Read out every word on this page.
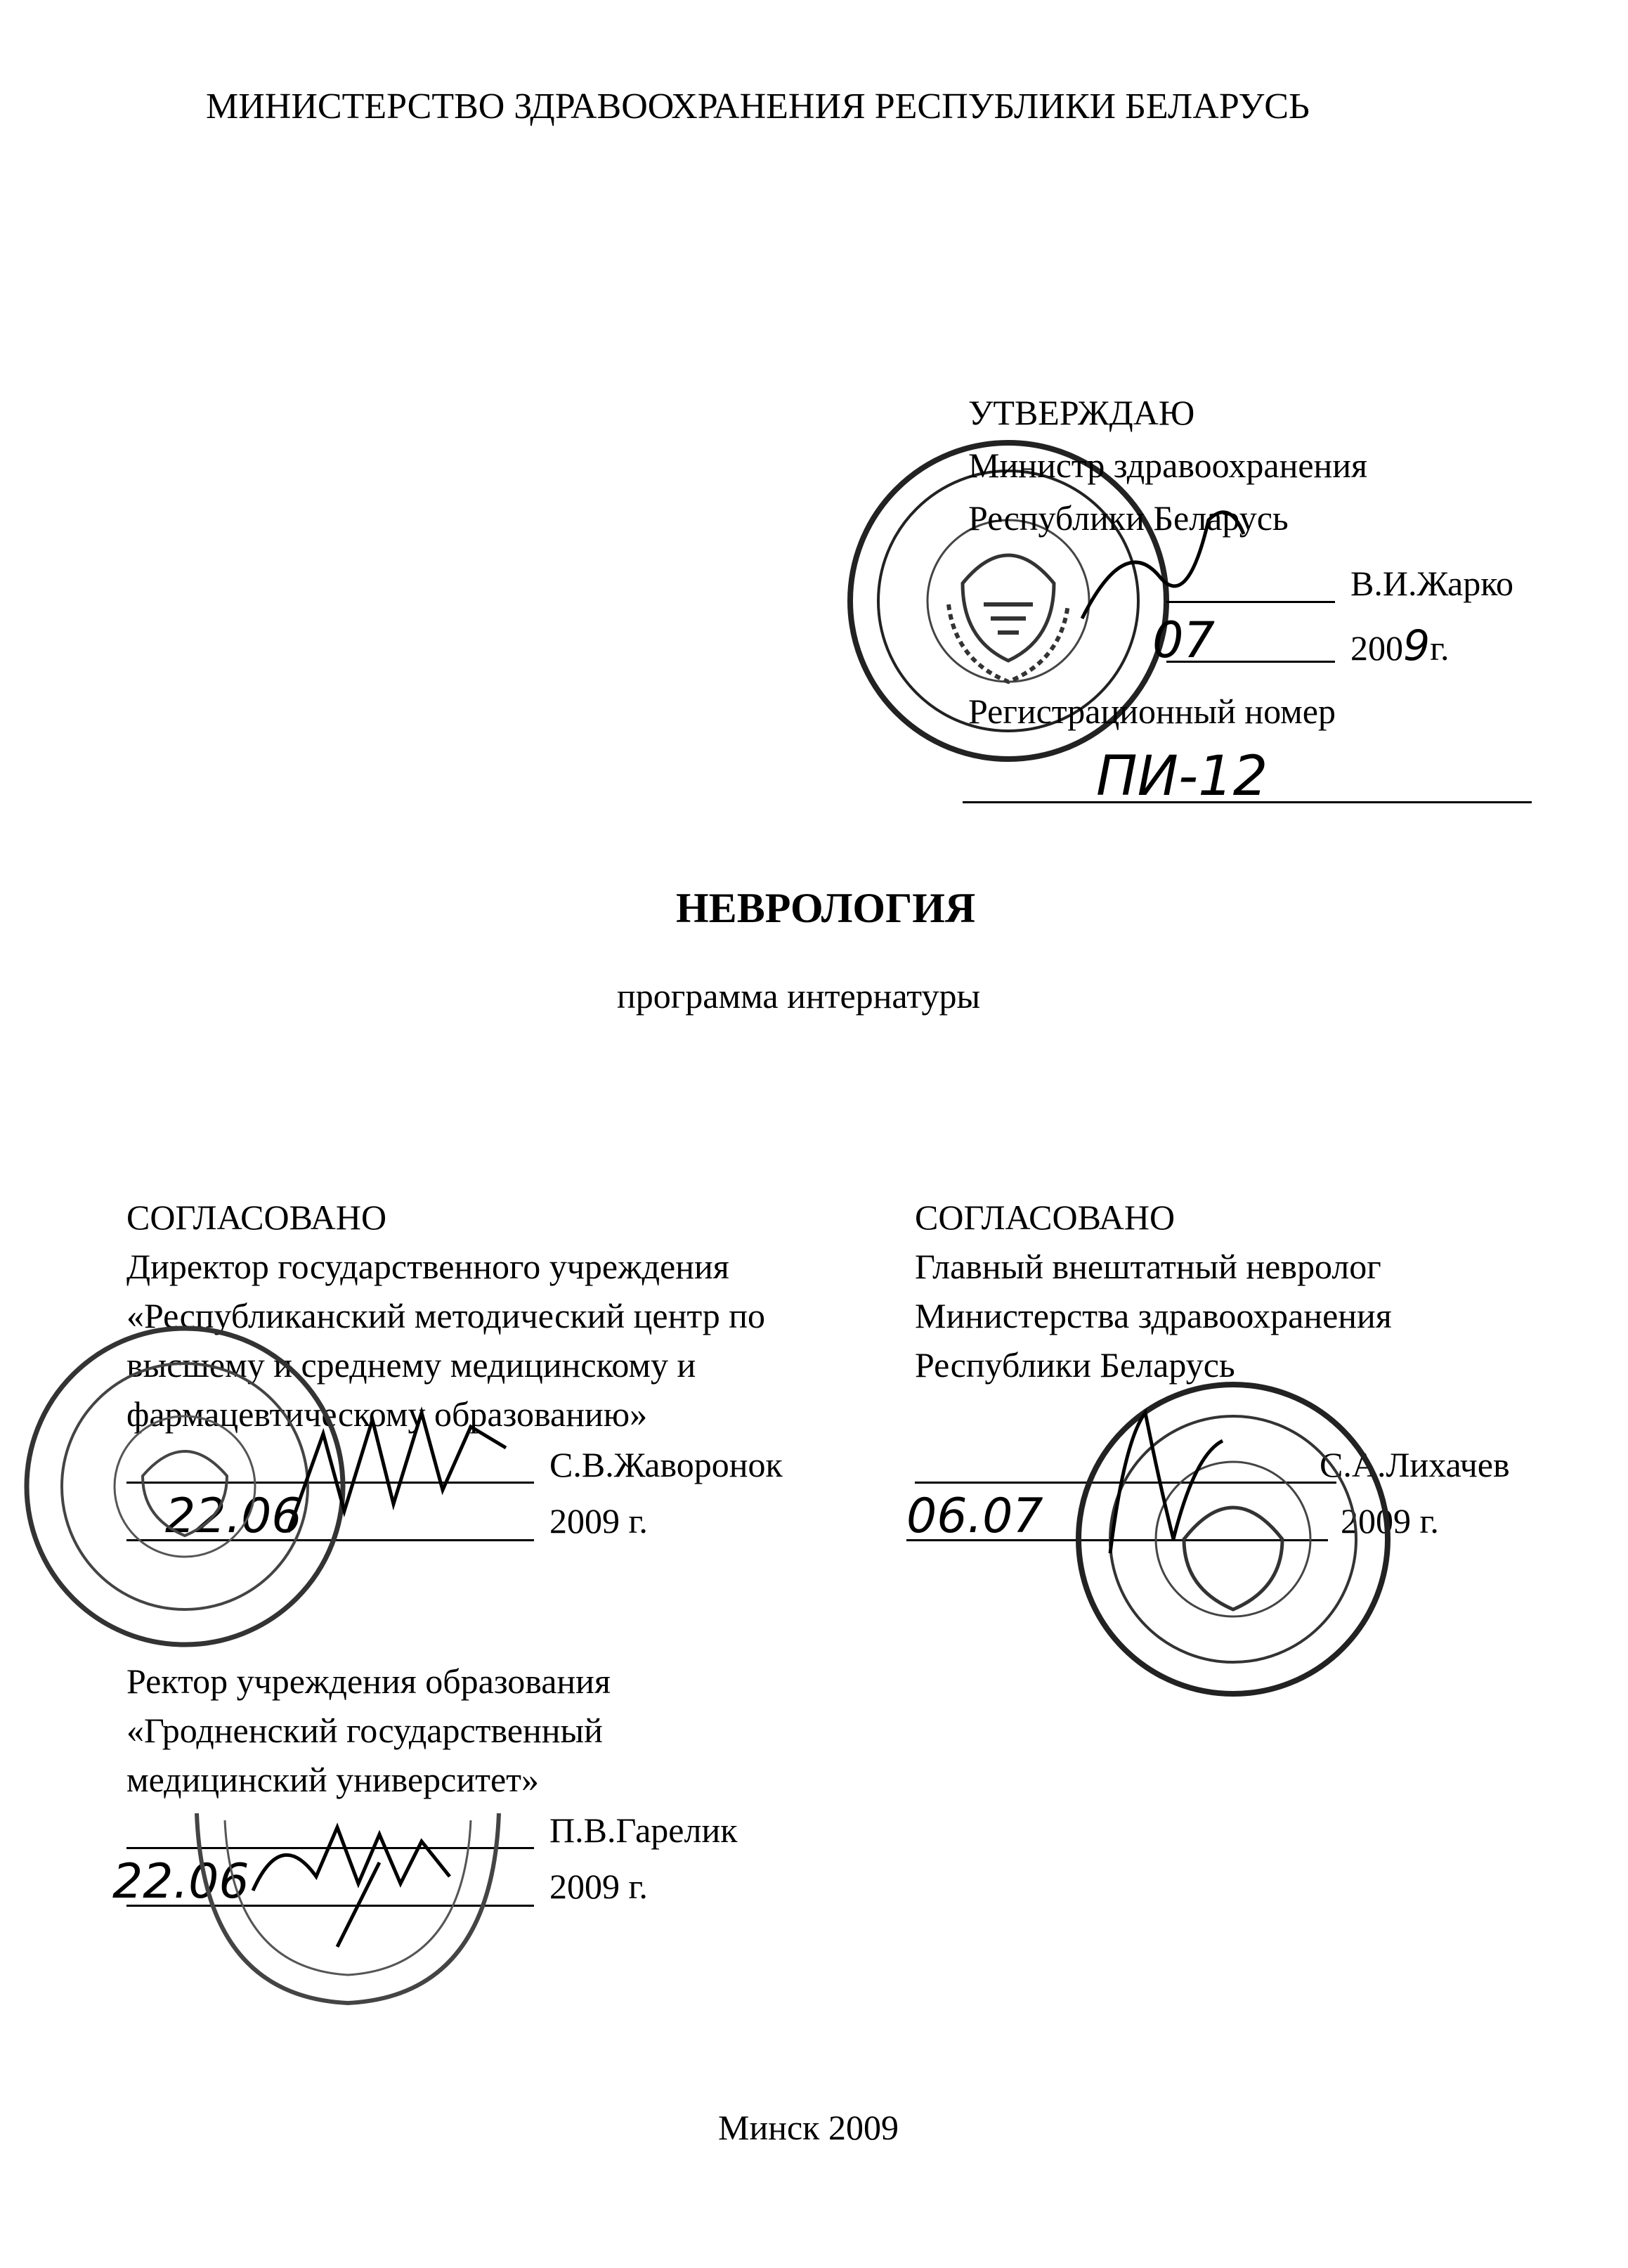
МИНИСТЕРСТВО ЗДРАВООХРАНЕНИЯ РЕСПУБЛИКИ БЕЛАРУСЬ
УТВЕРЖДАЮ
Министр здравоохранения
Республики Беларусь
В.И.Жарко
07	2009г.
Регистрационный номер
ПИ-12
НЕВРОЛОГИЯ
программа интернатуры
СОГЛАСОВАНО
Директор государственного учреждения
«Республиканский методический центр по
высшему и среднему медицинскому и
фармацевтическому образованию»
С.В.Жаворонок
22.06	2009 г.
СОГЛАСОВАНО
Главный внештатный невролог
Министерства здравоохранения
Республики Беларусь
С.А.Лихачев
06.07	2009 г.
Ректор учреждения образования
«Гродненский государственный
медицинский университет»
П.В.Гарелик
22.06	2009 г.
Минск 2009
